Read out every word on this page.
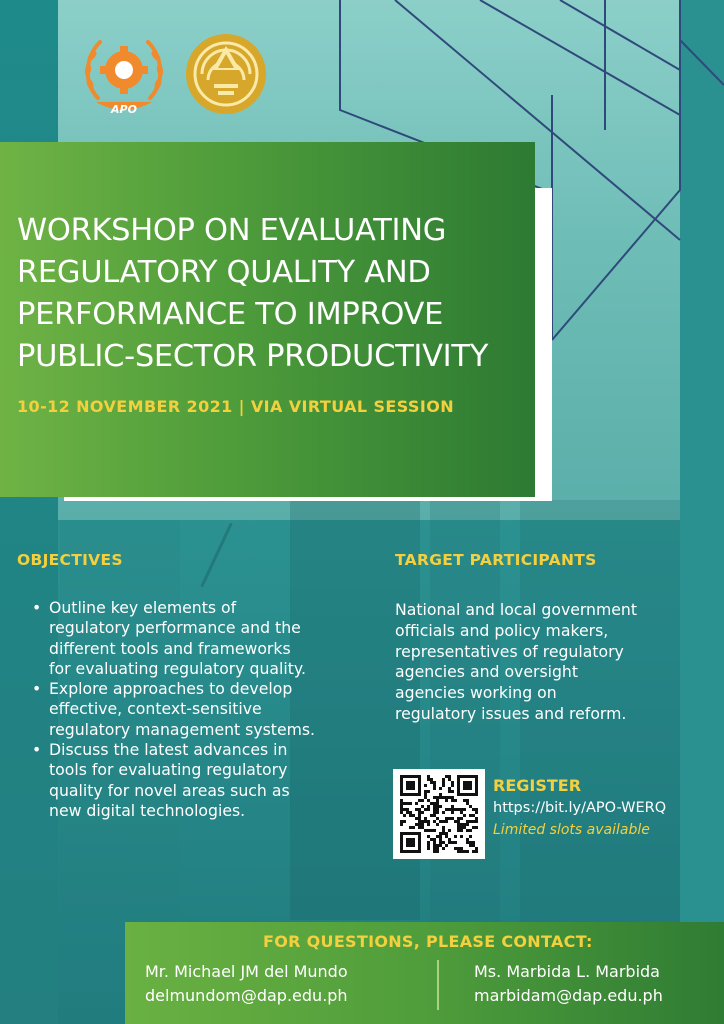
APO
WORKSHOP ON EVALUATING
REGULATORY QUALITY AND
PERFORMANCE TO IMPROVE
PUBLIC-SECTOR PRODUCTIVITY

10-12 NOVEMBER 2021 | VIA VIRTUAL SESSION

OBJECTIVES
• Outline key elements of
regulatory performance and the
different tools and frameworks
for evaluating regulatory quality.
• Explore approaches to develop
effective, context-sensitive
regulatory management systems.
• Discuss the latest advances in
tools for evaluating regulatory
quality for novel areas such as
new digital technologies.
TARGET PARTICIPANTS

National and local government
officials and policy makers,
representatives of regulatory
agencies and oversight
agencies working on
regulatory issues and reform.

REGISTER

https://bit.ly/APO-WERQ

Limited slots available

FOR QUESTIONS, PLEASE CONTACT:

Mr. Michael JM del Mundo

delmundom@dap.edu.ph

Ms. Marbida L. Marbida

marbidam@dap.edu.ph
